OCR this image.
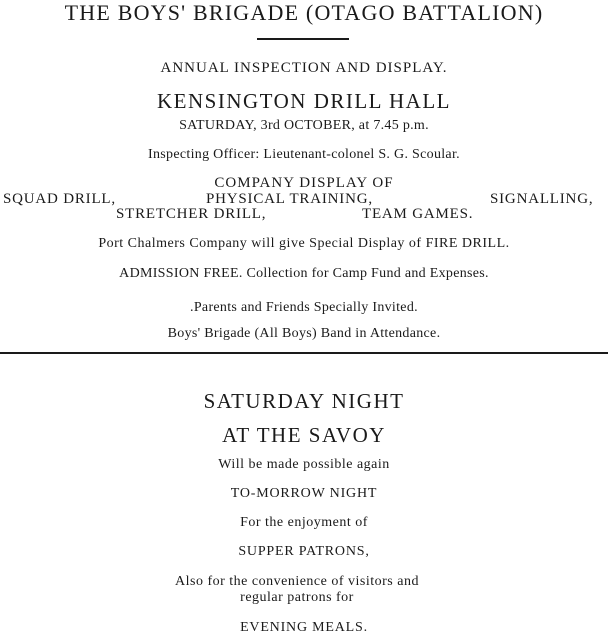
THE BOYS' BRIGADE (OTAGO BATTALION)
ANNUAL INSPECTION AND DISPLAY.
KENSINGTON DRILL HALL
SATURDAY, 3rd OCTOBER, at 7.45 p.m.
Inspecting Officer: Lieutenant-colonel S. G. Scoular.
COMPANY DISPLAY OF
SQUAD DRILL,	PHYSICAL TRAINING,	SIGNALLING,
STRETCHER DRILL,	TEAM GAMES.
Port Chalmers Company will give Special Display of FIRE DRILL.
ADMISSION FREE. Collection for Camp Fund and Expenses.
.Parents and Friends Specially Invited.
Boys' Brigade (All Boys) Band in Attendance.
SATURDAY NIGHT
AT THE SAVOY
Will be made possible again
TO-MORROW NIGHT
For the enjoyment of
SUPPER PATRONS,
Also for the convenience of visitors and
regular patrons for
EVENING MEALS.
